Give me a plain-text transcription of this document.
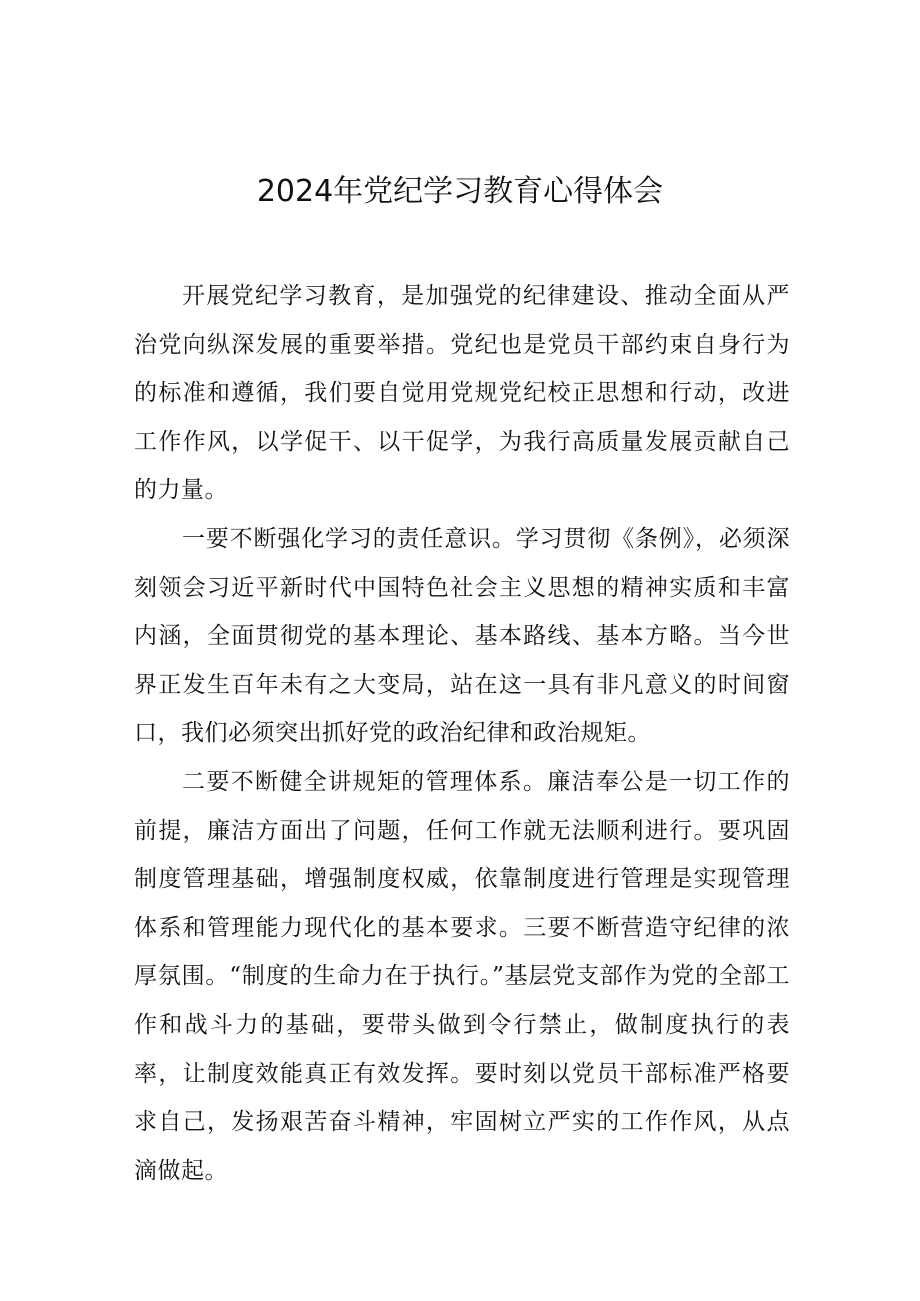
2024年党纪学习教育心得体会

开展党纪学习教育，是加强党的纪律建设、推动全面从严治党向纵深发展的重要举措。党纪也是党员干部约束自身行为的标准和遵循，我们要自觉用党规党纪校正思想和行动，改进工作作风，以学促干、以干促学，为我行高质量发展贡献自己的力量。

一要不断强化学习的责任意识。学习贯彻《条例》，必须深刻领会习近平新时代中国特色社会主义思想的精神实质和丰富内涵，全面贯彻党的基本理论、基本路线、基本方略。当今世界正发生百年未有之大变局，站在这一具有非凡意义的时间窗口，我们必须突出抓好党的政治纪律和政治规矩。

二要不断健全讲规矩的管理体系。廉洁奉公是一切工作的前提，廉洁方面出了问题，任何工作就无法顺利进行。要巩固制度管理基础，增强制度权威，依靠制度进行管理是实现管理体系和管理能力现代化的基本要求。三要不断营造守纪律的浓厚氛围。“制度的生命力在于执行。”基层党支部作为党的全部工作和战斗力的基础，要带头做到令行禁止，做制度执行的表率，让制度效能真正有效发挥。要时刻以党员干部标准严格要求自己，发扬艰苦奋斗精神，牢固树立严实的工作作风，从点滴做起。
